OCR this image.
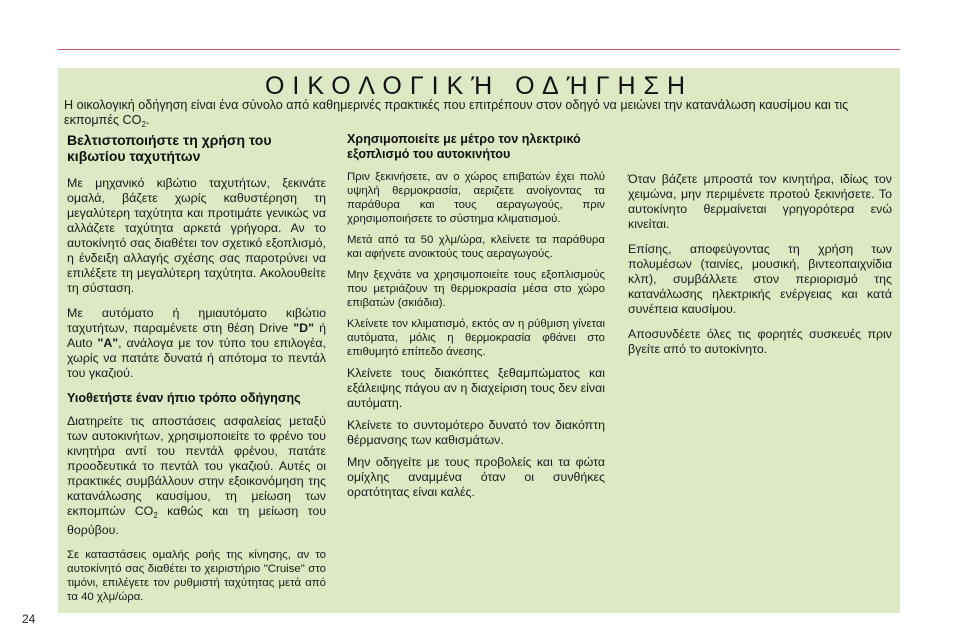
ΟΙΚΟΛΟΓΙΚΉ ΟΔΉΓΗΣΗ

Η οικολογική οδήγηση είναι ένα σύνολο από καθημερινές πρακτικές που επιτρέπουν στον οδηγό να μειώνει την κατανάλωση καυσίμου και τις εκπομπές $CO_2$.

Βελτιστοποιήστε τη χρήση του κιβωτίου ταχυτήτων

Με μηχανικό κιβώτιο ταχυτήτων, ξεκινάτε ομαλά, βάζετε χωρίς καθυστέρηση τη μεγαλύτερη ταχύτητα και προτιμάτε γενικώς να αλλάζετε ταχύτητα αρκετά γρήγορα. Αν το αυτοκίνητό σας διαθέτει τον σχετικό εξοπλισμό, η ένδειξη αλλαγής σχέσης σας παροτρύνει να επιλέξετε τη μεγαλύτερη ταχύτητα. Ακολουθείτε τη σύσταση.

Με αυτόματο ή ημιαυτόματο κιβώτιο ταχυτήτων, παραμένετε στη θέση Drive "D" ή Auto "A", ανάλογα με τον τύπο του επιλογέα, χωρίς να πατάτε δυνατά ή απότομα το πεντάλ του γκαζιού.

Υιοθετήστε έναν ήπιο τρόπο οδήγησης

Διατηρείτε τις αποστάσεις ασφαλείας μεταξύ των αυτοκινήτων, χρησιμοποιείτε το φρένο του κινητήρα αντί του πεντάλ φρένου, πατάτε προοδευτικά το πεντάλ του γκαζιού. Αυτές οι πρακτικές συμβάλλουν στην εξοικονόμηση της κατανάλωσης καυσίμου, τη μείωση των εκπομπών $CO_2$ καθώς και τη μείωση του θορύβου.

Σε καταστάσεις ομαλής ροής της κίνησης, αν το αυτοκίνητό σας διαθέτει το χειριστήριο "Cruise" στο τιμόνι, επιλέγετε τον ρυθμιστή ταχύτητας μετά από τα 40 χλμ/ώρα.

Χρησιμοποιείτε με μέτρο τον ηλεκτρικό εξοπλισμό του αυτοκινήτου

Πριν ξεκινήσετε, αν ο χώρος επιβατών έχει πολύ υψηλή θερμοκρασία, αεριζετε ανοίγοντας τα παράθυρα και τους αεραγωγούς, πριν χρησιμοποιήσετε το σύστημα κλιματισμού.

Μετά από τα 50 χλμ/ώρα, κλείνετε τα παράθυρα και αφήνετε ανοικτούς τους αεραγωγούς.

Μην ξεχνάτε να χρησιμοποιείτε τους εξοπλισμούς που μετριάζουν τη θερμοκρασία μέσα στο χώρο επιβατών (σκιάδια).

Κλείνετε τον κλιματισμό, εκτός αν η ρύθμιση γίνεται αυτόματα, μόλις η θερμοκρασία φθάνει στο επιθυμητό επίπεδο άνεσης.

Κλείνετε τους διακόπτες ξεθαμπώματος και εξάλειψης πάγου αν η διαχείριση τους δεν είναι αυτόματη.

Κλείνετε το συντομότερο δυνατό τον διακόπτη θέρμανσης των καθισμάτων.

Μην οδηγείτε με τους προβολείς και τα φώτα ομίχλης αναμμένα όταν οι συνθήκες ορατότητας είναι καλές.

Όταν βάζετε μπροστά τον κινητήρα, ιδίως τον χειμώνα, μην περιμένετε προτού ξεκινήσετε. Το αυτοκίνητο θερμαίνεται γρηγορότερα ενώ κινείται.

Επίσης, αποφεύγοντας τη χρήση των πολυμέσων (ταινίες, μουσική, βιντεοπαιχνίδια κλπ), συμβάλλετε στον περιορισμό της κατανάλωσης ηλεκτρικής ενέργειας και κατά συνέπεια καυσίμου.

Αποσυνδέετε όλες τις φορητές συσκευές πριν βγείτε από το αυτοκίνητο.

24
